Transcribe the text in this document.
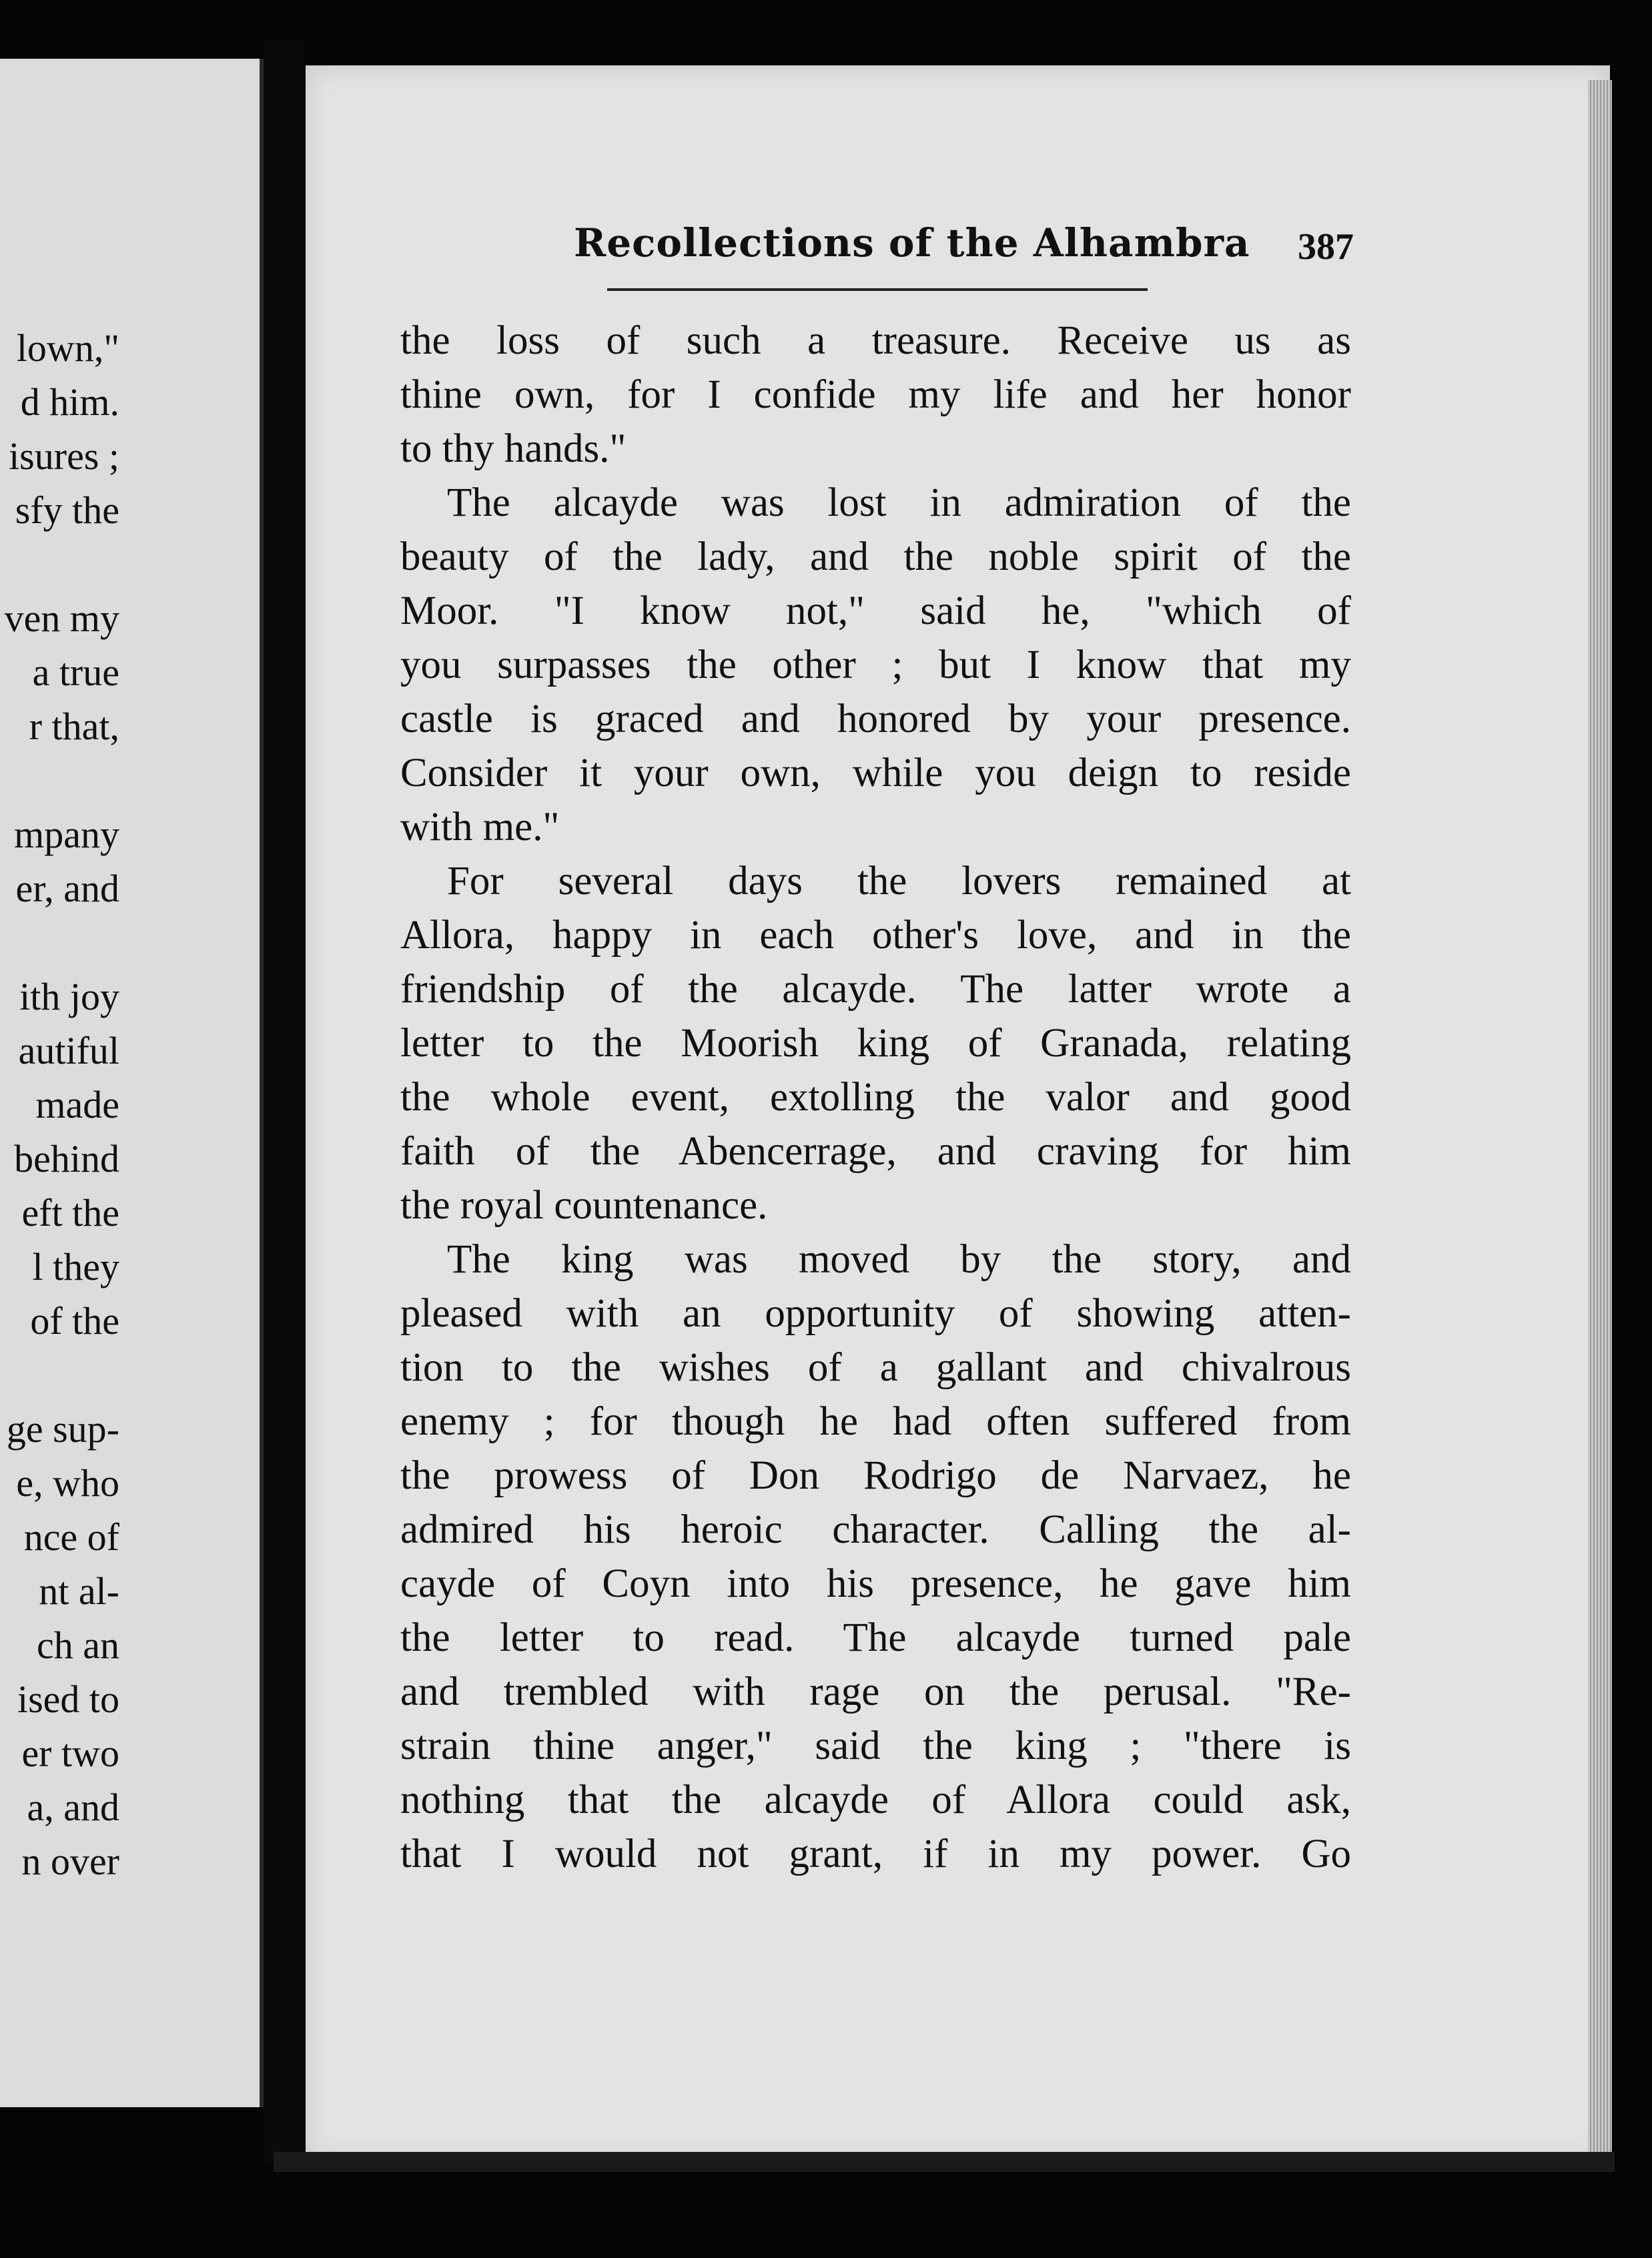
lown,"
d him.
isures ;
sfy the
ven my
a true
r that,
mpany
er, and
ith joy
autiful
made
behind
eft the
l they
of the
ge sup-
e, who
nce of
nt al-
ch an
ised to
er two
a, and
n over
Recollections of the Alhambra 387
the loss of such a treasure. Receive us as
thine own, for I confide my life and her honor
to thy hands."
The alcayde was lost in admiration of the
beauty of the lady, and the noble spirit of the
Moor. "I know not," said he, "which of
you surpasses the other ; but I know that my
castle is graced and honored by your presence.
Consider it your own, while you deign to reside
with me."
For several days the lovers remained at
Allora, happy in each other's love, and in the
friendship of the alcayde. The latter wrote a
letter to the Moorish king of Granada, relating
the whole event, extolling the valor and good
faith of the Abencerrage, and craving for him
the royal countenance.
The king was moved by the story, and
pleased with an opportunity of showing atten-
tion to the wishes of a gallant and chivalrous
enemy ; for though he had often suffered from
the prowess of Don Rodrigo de Narvaez, he
admired his heroic character. Calling the al-
cayde of Coyn into his presence, he gave him
the letter to read. The alcayde turned pale
and trembled with rage on the perusal. "Re-
strain thine anger," said the king ; "there is
nothing that the alcayde of Allora could ask,
that I would not grant, if in my power. Go
